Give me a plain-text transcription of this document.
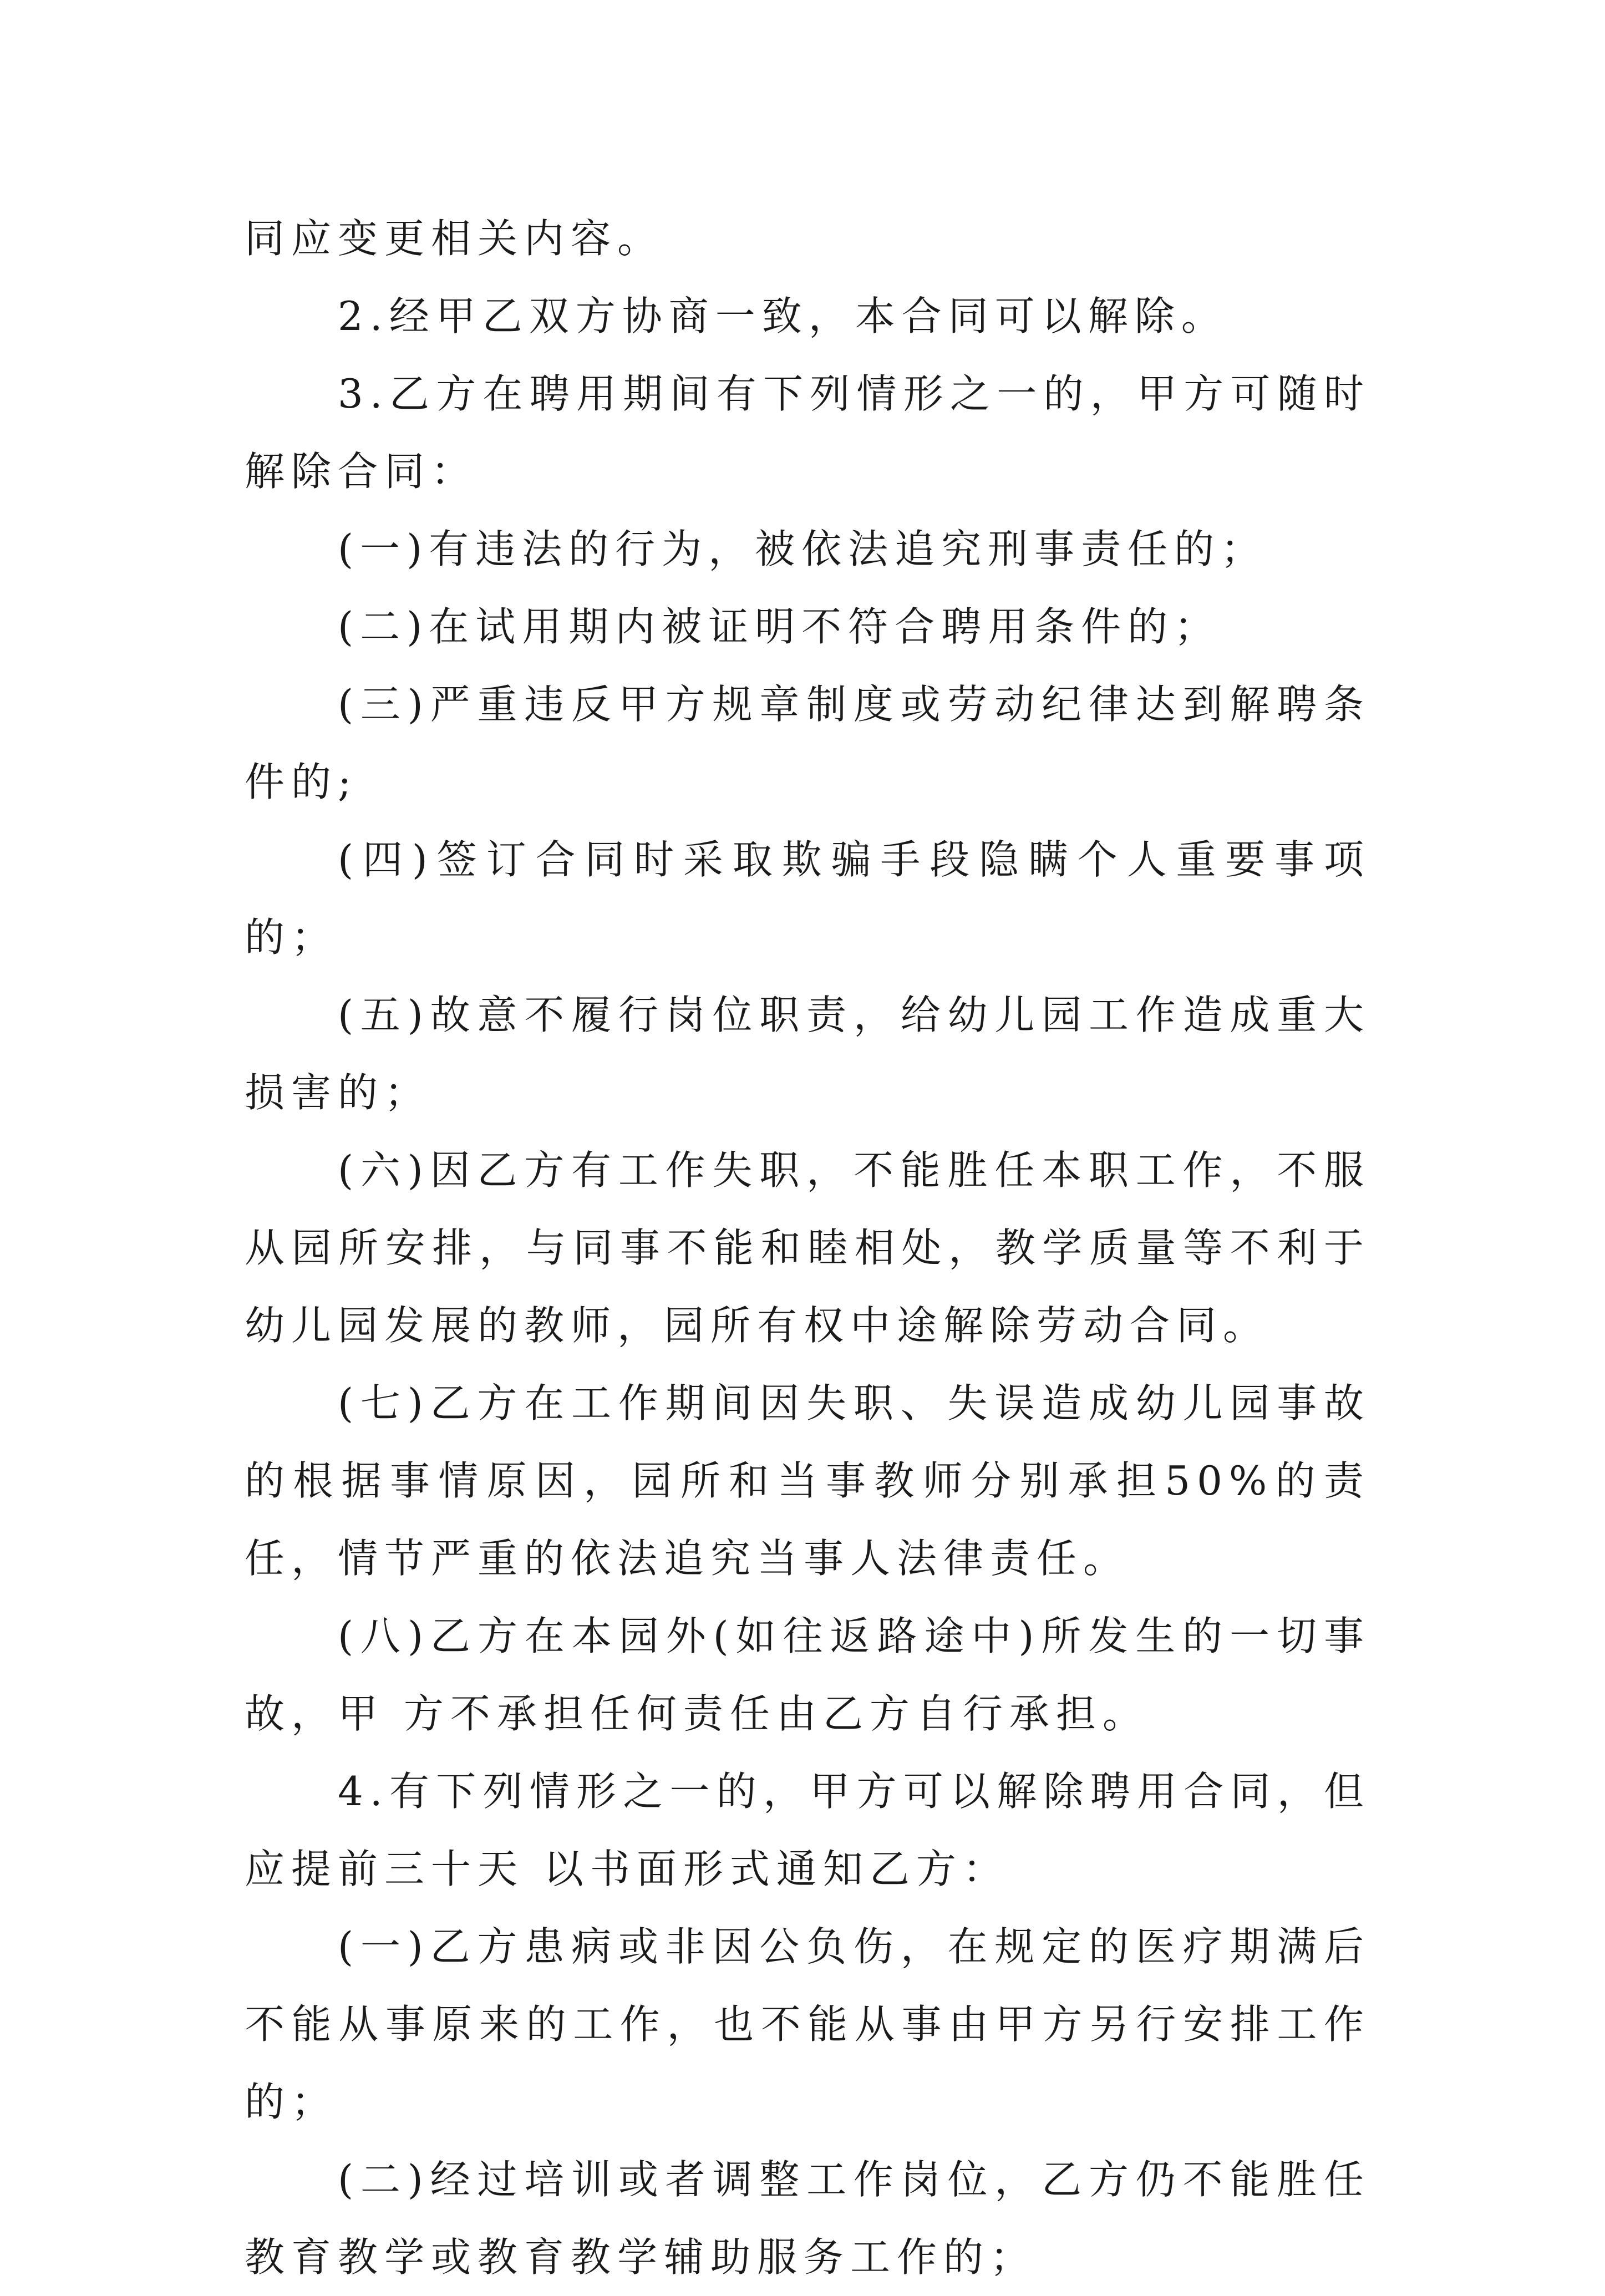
同应变更相关内容。

2.经甲乙双方协商一致，本合同可以解除。

3.乙方在聘用期间有下列情形之一的，甲方可随时解除合同：

(一)有违法的行为，被依法追究刑事责任的；

(二)在试用期内被证明不符合聘用条件的；

(三)严重违反甲方规章制度或劳动纪律达到解聘条件的;

(四)签订合同时采取欺骗手段隐瞒个人重要事项的；

(五)故意不履行岗位职责，给幼儿园工作造成重大损害的；

(六)因乙方有工作失职，不能胜任本职工作，不服从园所安排，与同事不能和睦相处，教学质量等不利于幼儿园发展的教师，园所有权中途解除劳动合同。

(七)乙方在工作期间因失职、失误造成幼儿园事故的根据事情原因，园所和当事教师分别承担50%的责任，情节严重的依法追究当事人法律责任。

(八)乙方在本园外(如往返路途中)所发生的一切事故，甲 方不承担任何责任由乙方自行承担。

4.有下列情形之一的，甲方可以解除聘用合同，但应提前三十天 以书面形式通知乙方：

(一)乙方患病或非因公负伤，在规定的医疗期满后不能从事原来的工作，也不能从事由甲方另行安排工作的；

(二)经过培训或者调整工作岗位，乙方仍不能胜任教育教学或教育教学辅助服务工作的；
